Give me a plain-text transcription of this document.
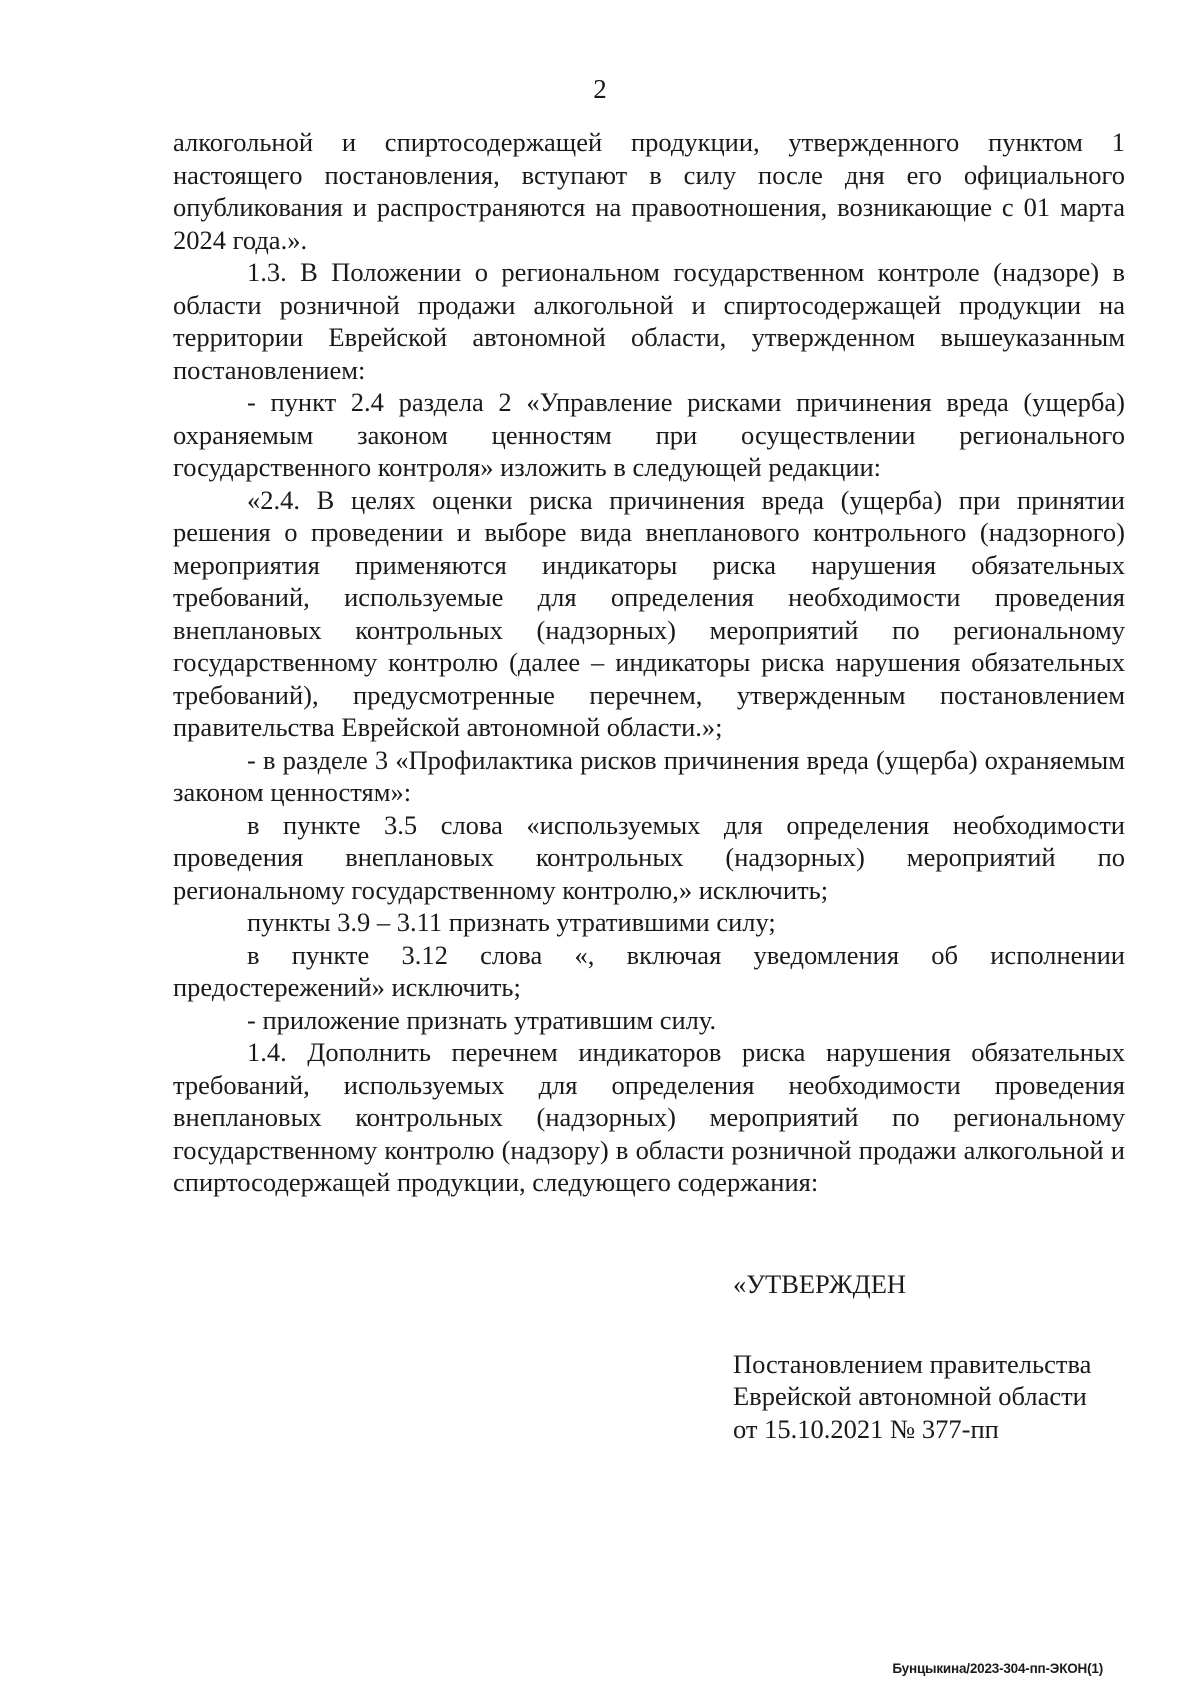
2

алкогольной и спиртосодержащей продукции, утвержденного пунктом 1 настоящего постановления, вступают в силу после дня его официального опубликования и распространяются на правоотношения, возникающие с 01 марта 2024 года.».

1.3. В Положении о региональном государственном контроле (надзоре) в области розничной продажи алкогольной и спиртосодержащей продукции на территории Еврейской автономной области, утвержденном вышеуказанным постановлением:

- пункт 2.4 раздела 2 «Управление рисками причинения вреда (ущерба) охраняемым законом ценностям при осуществлении регионального государственного контроля» изложить в следующей редакции:

«2.4. В целях оценки риска причинения вреда (ущерба) при принятии решения о проведении и выборе вида внепланового контрольного (надзорного) мероприятия применяются индикаторы риска нарушения обязательных требований, используемые для определения необходимости проведения внеплановых контрольных (надзорных) мероприятий по региональному государственному контролю (далее – индикаторы риска нарушения обязательных требований), предусмотренные перечнем, утвержденным постановлением правительства Еврейской автономной области.»;

- в разделе 3 «Профилактика рисков причинения вреда (ущерба) охраняемым законом ценностям»:

в пункте 3.5 слова «используемых для определения необходимости проведения внеплановых контрольных (надзорных) мероприятий по региональному государственному контролю,» исключить;

пункты 3.9 – 3.11 признать утратившими силу;

в пункте 3.12 слова «, включая уведомления об исполнении предостережений» исключить;

- приложение признать утратившим силу.

1.4. Дополнить перечнем индикаторов риска нарушения обязательных требований, используемых для определения необходимости проведения внеплановых контрольных (надзорных) мероприятий по региональному государственному контролю (надзору) в области розничной продажи алкогольной и спиртосодержащей продукции, следующего содержания:

«УТВЕРЖДЕН

Постановлением правительства

Еврейской автономной области

от 15.10.2021 № 377-пп

Бунцыкина/2023-304-пп-ЭКОН(1)
